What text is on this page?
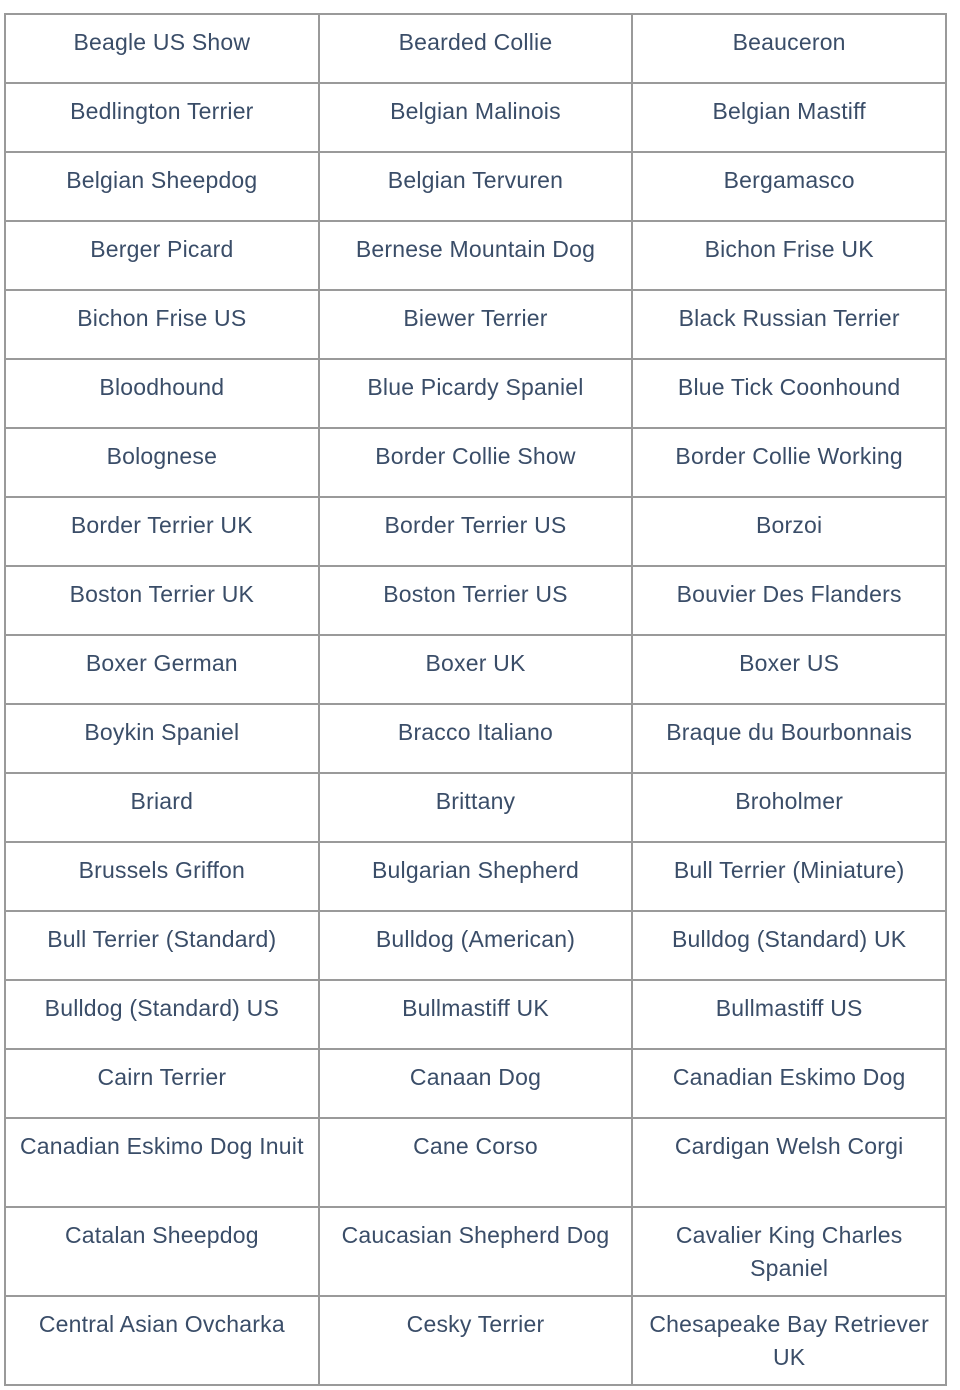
Beagle US Show	Bearded Collie	Beauceron
Bedlington Terrier	Belgian Malinois	Belgian Mastiff
Belgian Sheepdog	Belgian Tervuren	Bergamasco
Berger Picard	Bernese Mountain Dog	Bichon Frise UK
Bichon Frise US	Biewer Terrier	Black Russian Terrier
Bloodhound	Blue Picardy Spaniel	Blue Tick Coonhound
Bolognese	Border Collie Show	Border Collie Working
Border Terrier UK	Border Terrier US	Borzoi
Boston Terrier UK	Boston Terrier US	Bouvier Des Flanders
Boxer German	Boxer UK	Boxer US
Boykin Spaniel	Bracco Italiano	Braque du Bourbonnais
Briard	Brittany	Broholmer
Brussels Griffon	Bulgarian Shepherd	Bull Terrier (Miniature)
Bull Terrier (Standard)	Bulldog (American)	Bulldog (Standard) UK
Bulldog (Standard) US	Bullmastiff UK	Bullmastiff US
Cairn Terrier	Canaan Dog	Canadian Eskimo Dog
Canadian Eskimo Dog Inuit	Cane Corso	Cardigan Welsh Corgi
Catalan Sheepdog	Caucasian Shepherd Dog	Cavalier King Charles Spaniel
Central Asian Ovcharka	Cesky Terrier	Chesapeake Bay Retriever UK
